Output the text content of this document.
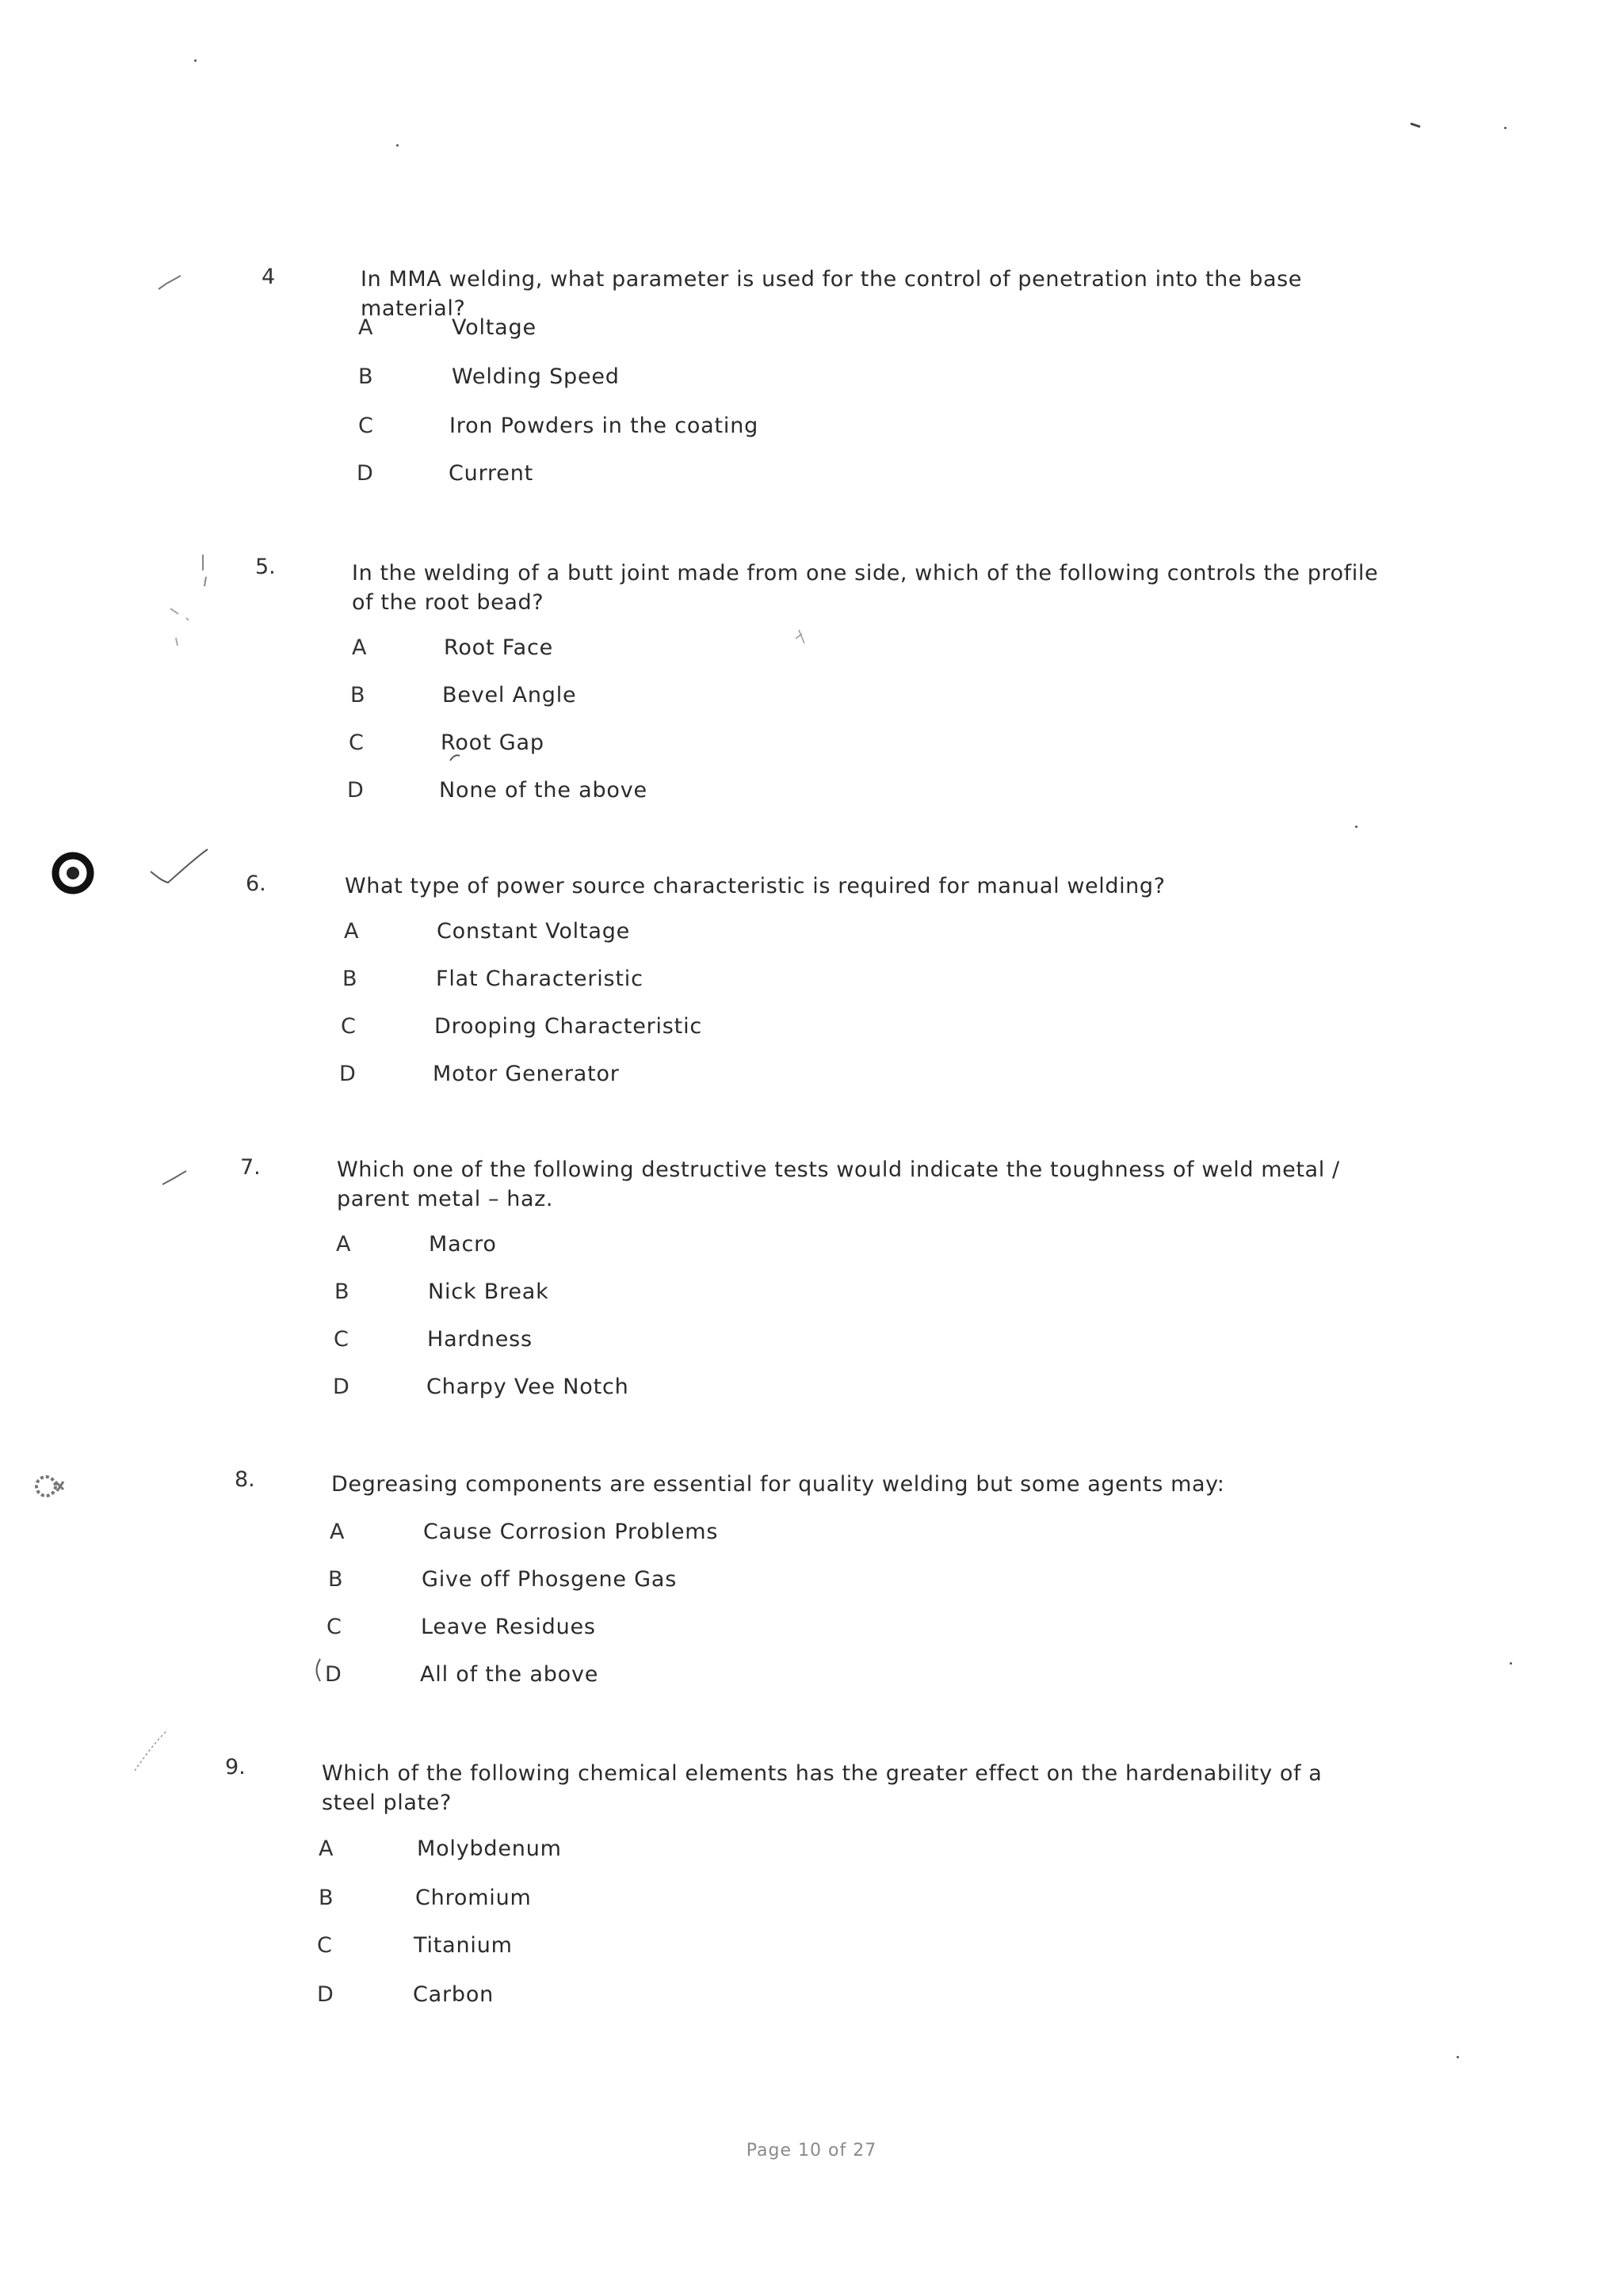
4	In MMA welding, what parameter is used for the control of penetration into the base material?
A	Voltage
B	Welding Speed
C	Iron Powders in the coating
D	Current
5.	In the welding of a butt joint made from one side, which of the following controls the profile of the root bead?
A	Root Face
B	Bevel Angle
C	Root Gap
D	None of the above
6.	What type of power source characteristic is required for manual welding?
A	Constant Voltage
B	Flat Characteristic
C	Drooping Characteristic
D	Motor Generator
7.	Which one of the following destructive tests would indicate the toughness of weld metal / parent metal – haz.
A	Macro
B	Nick Break
C	Hardness
D	Charpy Vee Notch
8.	Degreasing components are essential for quality welding but some agents may:
A	Cause Corrosion Problems
B	Give off Phosgene Gas
C	Leave Residues
D	All of the above
9.	Which of the following chemical elements has the greater effect on the hardenability of a steel plate?
A	Molybdenum
B	Chromium
C	Titanium
D	Carbon
Page 10 of 27
